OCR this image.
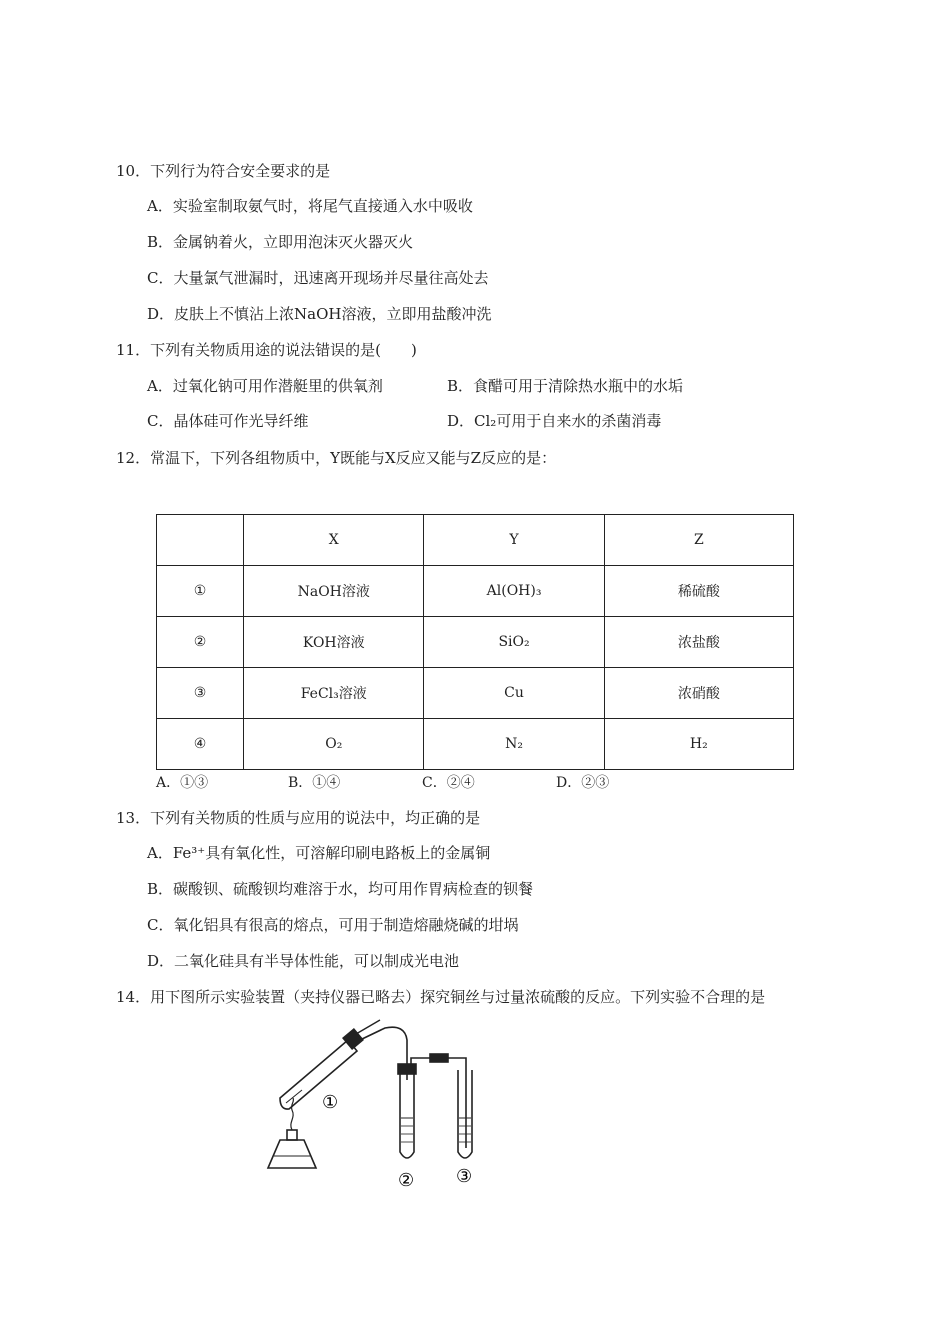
10．下列行为符合安全要求的是
A．实验室制取氨气时，将尾气直接通入水中吸收
B．金属钠着火，立即用泡沫灭火器灭火
C．大量氯气泄漏时，迅速离开现场并尽量往高处去
D．皮肤上不慎沾上浓NaOH溶液，立即用盐酸冲洗
11．下列有关物质用途的说法错误的是(　　)
A．过氧化钠可用作潜艇里的供氧剂	B．食醋可用于清除热水瓶中的水垢
C．晶体硅可作光导纤维	D．Cl₂可用于自来水的杀菌消毒
12．常温下，下列各组物质中，Y既能与X反应又能与Z反应的是：
	X	Y	Z
①	NaOH溶液	Al(OH)₃	稀硫酸
②	KOH溶液	SiO₂	浓盐酸
③	FeCl₃溶液	Cu	浓硝酸
④	O₂	N₂	H₂
A．①③	B．①④	C．②④	D．②③
13．下列有关物质的性质与应用的说法中，均正确的是
A．Fe³⁺具有氧化性，可溶解印刷电路板上的金属铜
B．碳酸钡、硫酸钡均难溶于水，均可用作胃病检查的钡餐
C．氧化铝具有很高的熔点，可用于制造熔融烧碱的坩埚
D．二氧化硅具有半导体性能，可以制成光电池
14．用下图所示实验装置（夹持仪器已略去）探究铜丝与过量浓硫酸的反应。下列实验不合理的是
①
② ③
